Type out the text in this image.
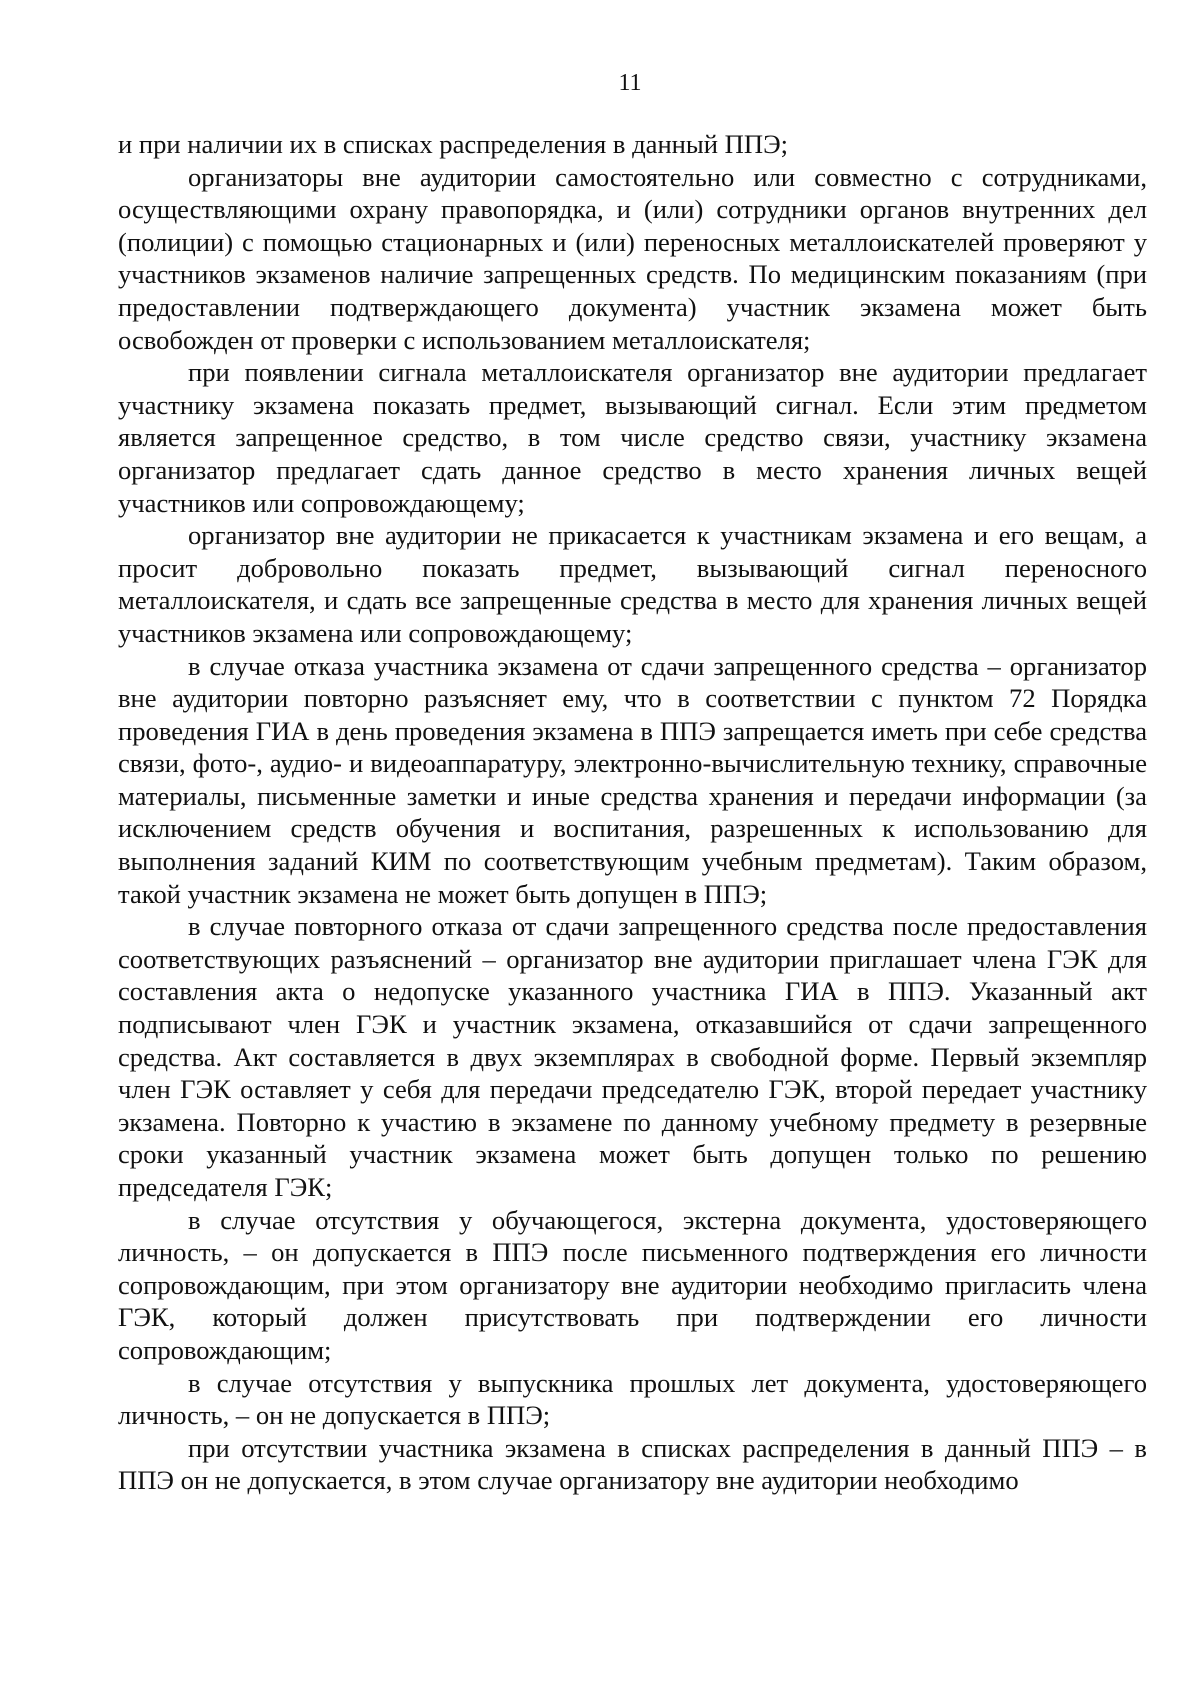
11

и при наличии их в списках распределения в данный ППЭ;

организаторы вне аудитории самостоятельно или совместно с сотрудниками, осуществляющими охрану правопорядка, и (или) сотрудники органов внутренних дел (полиции) с помощью стационарных и (или) переносных металлоискателей проверяют у участников экзаменов наличие запрещенных средств. По медицинским показаниям (при предоставлении подтверждающего документа) участник экзамена может быть освобожден от проверки с использованием металлоискателя;

при появлении сигнала металлоискателя организатор вне аудитории предлагает участнику экзамена показать предмет, вызывающий сигнал. Если этим предметом является запрещенное средство, в том числе средство связи, участнику экзамена организатор предлагает сдать данное средство в место хранения личных вещей участников или сопровождающему;

организатор вне аудитории не прикасается к участникам экзамена и его вещам, а просит добровольно показать предмет, вызывающий сигнал переносного металлоискателя, и сдать все запрещенные средства в место для хранения личных вещей участников экзамена или сопровождающему;

в случае отказа участника экзамена от сдачи запрещенного средства – организатор вне аудитории повторно разъясняет ему, что в соответствии с пунктом 72 Порядка проведения ГИА в день проведения экзамена в ППЭ запрещается иметь при себе средства связи, фото-, аудио- и видеоаппаратуру, электронно-вычислительную технику, справочные материалы, письменные заметки и иные средства хранения и передачи информации (за исключением средств обучения и воспитания, разрешенных к использованию для выполнения заданий КИМ по соответствующим учебным предметам). Таким образом, такой участник экзамена не может быть допущен в ППЭ;

в случае повторного отказа от сдачи запрещенного средства после предоставления соответствующих разъяснений – организатор вне аудитории приглашает члена ГЭК для составления акта о недопуске указанного участника ГИА в ППЭ. Указанный акт подписывают член ГЭК и участник экзамена, отказавшийся от сдачи запрещенного средства. Акт составляется в двух экземплярах в свободной форме. Первый экземпляр член ГЭК оставляет у себя для передачи председателю ГЭК, второй передает участнику экзамена. Повторно к участию в экзамене по данному учебному предмету в резервные сроки указанный участник экзамена может быть допущен только по решению председателя ГЭК;

в случае отсутствия у обучающегося, экстерна документа, удостоверяющего личность, – он допускается в ППЭ после письменного подтверждения его личности сопровождающим, при этом организатору вне аудитории необходимо пригласить члена ГЭК, который должен присутствовать при подтверждении его личности сопровождающим;

в случае отсутствия у выпускника прошлых лет документа, удостоверяющего личность, – он не допускается в ППЭ;

при отсутствии участника экзамена в списках распределения в данный ППЭ – в ППЭ он не допускается, в этом случае организатору вне аудитории необходимо
